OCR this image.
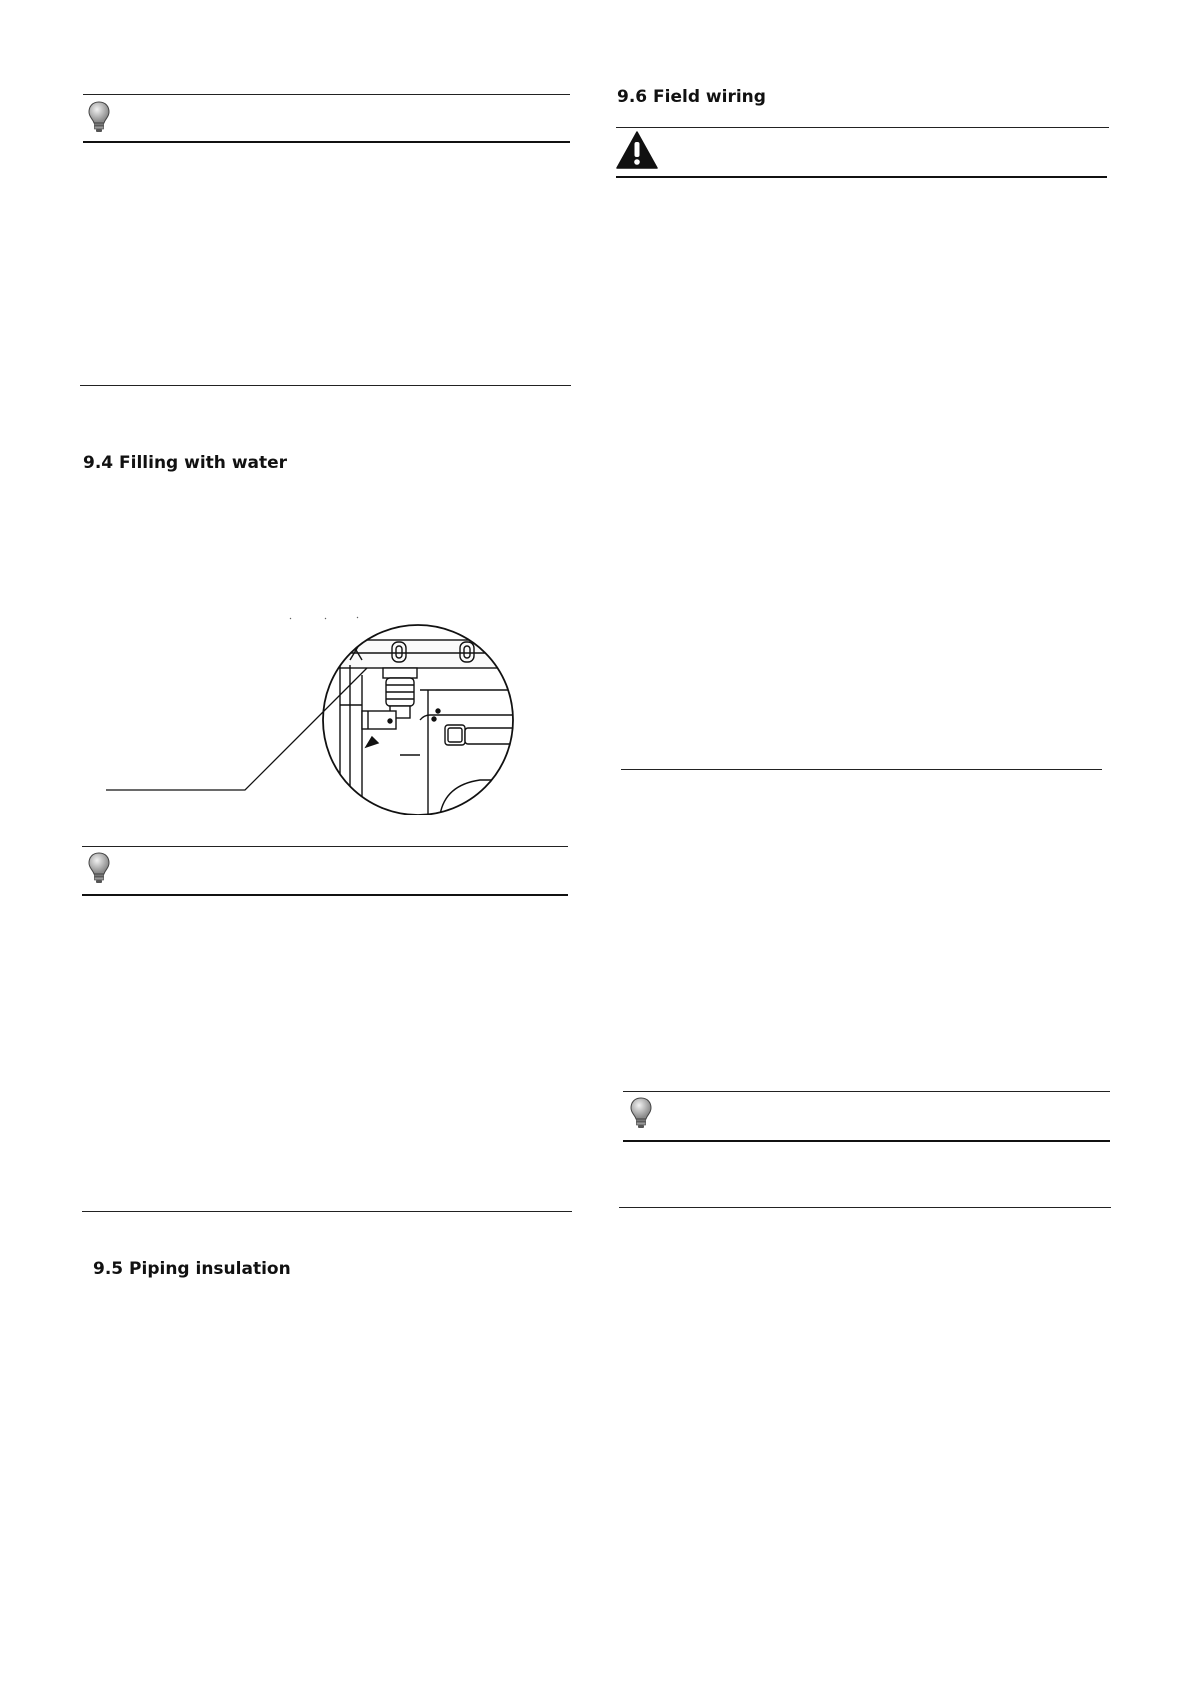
9.4 Filling with water
9.5 Piping insulation
9.6 Field wiring
